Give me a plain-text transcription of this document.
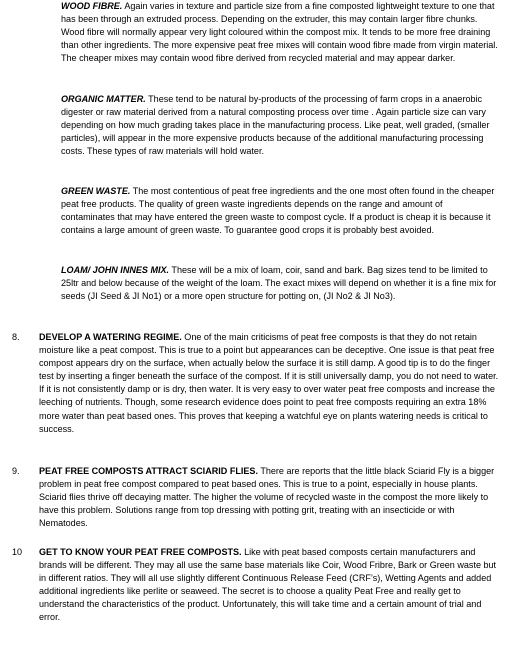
WOOD FIBRE. Again varies in texture and particle size from a fine composted lightweight texture to one that has been through an extruded process. Depending on the extruder, this may contain larger fibre chunks. Wood fibre will normally appear very light coloured within the compost mix. It tends to be more free draining than other ingredients. The more expensive peat free mixes will contain wood fibre made from virgin material. The cheaper mixes may contain wood fibre derived from recycled material and may appear darker.

ORGANIC MATTER. These tend to be natural by-products of the processing of farm crops in a anaerobic digester or raw material derived from a natural composting process over time . Again particle size can vary depending on how much grading takes place in the manufacturing process. Like peat, well graded, (smaller particles), will appear in the more expensive products because of the additional manufacturing processing costs. These types of raw materials will hold water.

GREEN WASTE. The most contentious of peat free ingredients and the one most often found in the cheaper peat free products. The quality of green waste ingredients depends on the range and amount of contaminates that may have entered the green waste to compost cycle. If a product is cheap it is because it contains a large amount of green waste. To guarantee good crops it is probably best avoided.

LOAM/ JOHN INNES MIX. These will be a mix of loam, coir, sand and bark. Bag sizes tend to be limited to 25ltr and below because of the weight of the loam. The exact mixes will depend on whether it is a fine mix for seeds (JI Seed & JI No1) or a more open structure for potting on, (JI No2 & JI No3).

8. DEVELOP A WATERING REGIME. One of the main criticisms of peat free composts is that they do not retain moisture like a peat compost. This is true to a point but appearances can be deceptive. One issue is that peat free compost appears dry on the surface, when actually below the surface it is still damp. A good tip is to do the finger test by inserting a finger beneath the surface of the compost. If it is still universally damp, you do not need to water. If it is not consistently damp or is dry, then water. It is very easy to over water peat free composts and increase the leeching of nutrients. Though, some research evidence does point to peat free composts requiring an extra 18% more water than peat based ones. This proves that keeping a watchful eye on plants watering needs is critical to success.

9. PEAT FREE COMPOSTS ATTRACT SCIARID FLIES. There are reports that the little black Sciarid Fly is a bigger problem in peat free compost compared to peat based ones. This is true to a point, especially in house plants. Sciarid flies thrive off decaying matter. The higher the volume of recycled waste in the compost the more likely to have this problem. Solutions range from top dressing with potting grit, treating with an insecticide or with Nematodes.

10 GET TO KNOW YOUR PEAT FREE COMPOSTS. Like with peat based composts certain manufacturers and brands will be different. They may all use the same base materials like Coir, Wood Fribre, Bark or Green waste but in different ratios. They will all use slightly different Continuous Release Feed (CRF’s), Wetting Agents and added additional ingredients like perlite or seaweed. The secret is to choose a quality Peat Free and really get to understand the characteristics of the product. Unfortunately, this will take time and a certain amount of trial and error.
